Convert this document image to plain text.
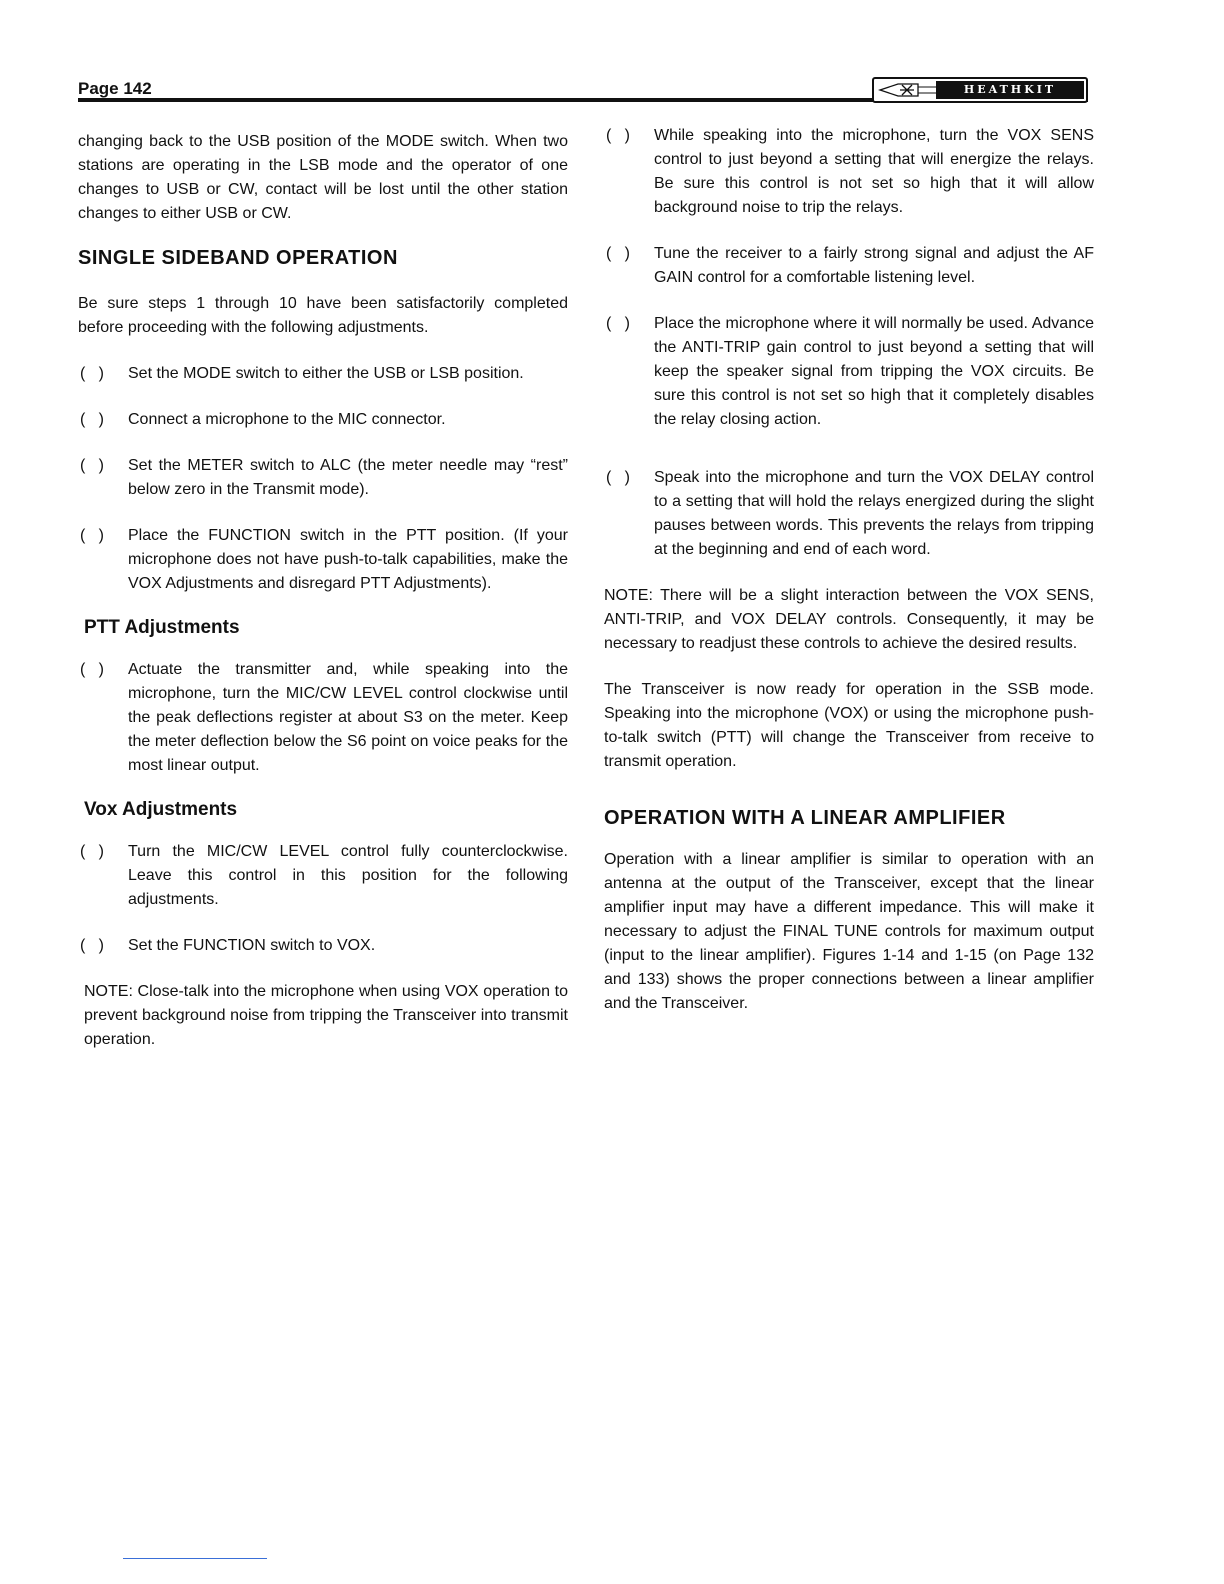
Page 142	HEATHKIT

changing back to the USB position of the MODE switch. When two stations are operating in the LSB mode and the operator of one changes to USB or CW, contact will be lost until the other station changes to either USB or CW.

SINGLE SIDEBAND OPERATION

Be sure steps 1 through 10 have been satisfactorily completed before proceeding with the following adjustments.

(   ) Set the MODE switch to either the USB or LSB position.
(   ) Connect a microphone to the MIC connector.
(   ) Set the METER switch to ALC (the meter needle may “rest” below zero in the Transmit mode).
(   ) Place the FUNCTION switch in the PTT position. (If your microphone does not have push-to-talk capabilities, make the VOX Adjustments and disregard PTT Adjustments).
PTT Adjustments
(   ) Actuate the transmitter and, while speaking into the microphone, turn the MIC/CW LEVEL control clockwise until the peak deflections register at about S3 on the meter. Keep the meter deflection below the S6 point on voice peaks for the most linear output.
Vox Adjustments
(   ) Turn the MIC/CW LEVEL control fully counterclockwise. Leave this control in this position for the following adjustments.
(   ) Set the FUNCTION switch to VOX.

NOTE: Close-talk into the microphone when using VOX operation to prevent background noise from tripping the Transceiver into transmit operation.

(   ) While speaking into the microphone, turn the VOX SENS control to just beyond a setting that will energize the relays. Be sure this control is not set so high that it will allow background noise to trip the relays.
(   ) Tune the receiver to a fairly strong signal and adjust the AF GAIN control for a comfortable listening level.
(   ) Place the microphone where it will normally be used. Advance the ANTI-TRIP gain control to just beyond a setting that will keep the speaker signal from tripping the VOX circuits. Be sure this control is not set so high that it completely disables the relay closing action.
(   ) Speak into the microphone and turn the VOX DELAY control to a setting that will hold the relays energized during the slight pauses between words. This prevents the relays from tripping at the beginning and end of each word.

NOTE: There will be a slight interaction between the VOX SENS, ANTI-TRIP, and VOX DELAY controls. Consequently, it may be necessary to readjust these controls to achieve the desired results.

The Transceiver is now ready for operation in the SSB mode. Speaking into the microphone (VOX) or using the microphone push-to-talk switch (PTT) will change the Transceiver from receive to transmit operation.

OPERATION WITH A LINEAR AMPLIFIER

Operation with a linear amplifier is similar to operation with an antenna at the output of the Transceiver, except that the linear amplifier input may have a different impedance. This will make it necessary to adjust the FINAL TUNE controls for maximum output (input to the linear amplifier). Figures 1-14 and 1-15 (on Page 132 and 133) shows the proper connections between a linear amplifier and the Transceiver.
